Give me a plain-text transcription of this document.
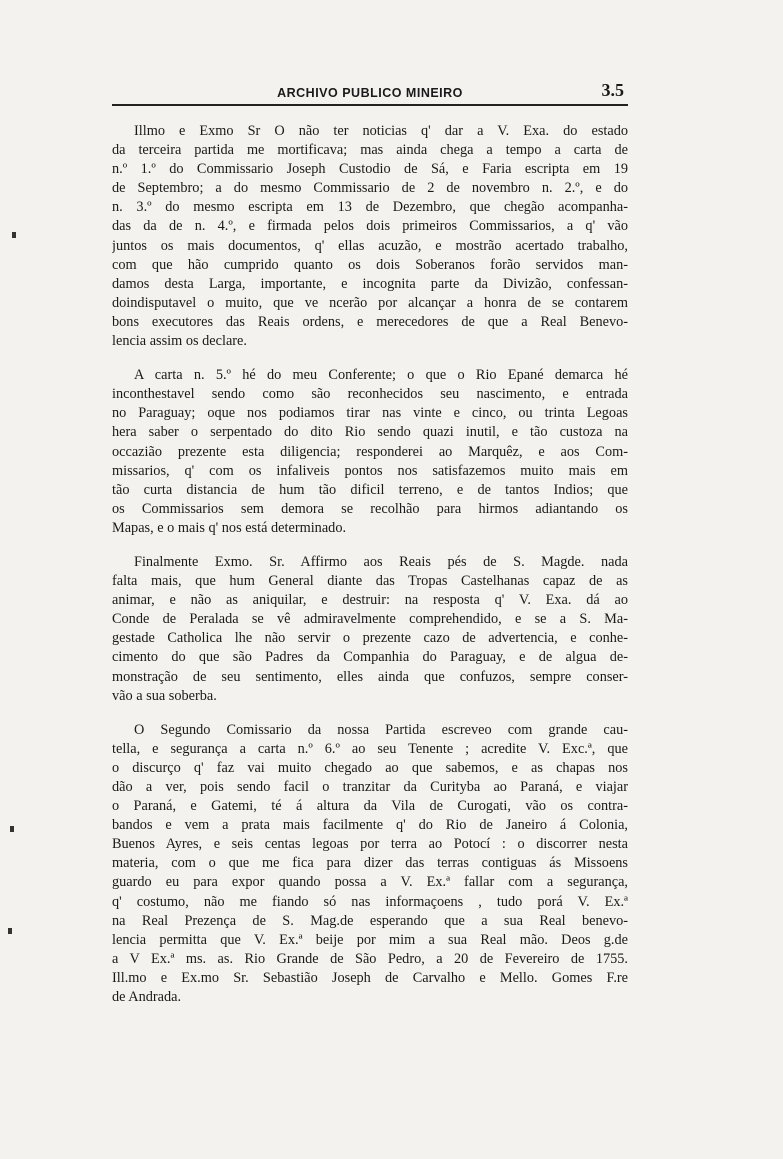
ARCHIVO PUBLICO MINEIRO	3.5
Illmo e Exmo Sr O não ter noticias q' dar a V. Exa. do estado
da terceira partida me mortificava; mas ainda chega a tempo a carta de
n.º 1.º do Commissario Joseph Custodio de Sá, e Faria escripta em 19
de Septembro; a do mesmo Commissario de 2 de novembro n. 2.º, e do
n. 3.º do mesmo escripta em 13 de Dezembro, que chegão acompanha-
das da de n. 4.º, e firmada pelos dois primeiros Commissarios, a q' vão
juntos os mais documentos, q' ellas acuzão, e mostrão acertado trabalho,
com que hão cumprido quanto os dois Soberanos forão servidos man-
damos desta Larga, importante, e incognita parte da Divizão, confessan-
doindisputavel o muito, que ve ncerão por alcançar a honra de se contarem
bons executores das Reais ordens, e merecedores de que a Real Benevo-
lencia assim os declare.
A carta n. 5.º hé do meu Conferente; o que o Rio Epané demarca hé
inconthestavel sendo como são reconhecidos seu nascimento, e entrada
no Paraguay; oque nos podiamos tirar nas vinte e cinco, ou trinta Legoas
hera saber o serpentado do dito Rio sendo quazi inutil, e tão custoza na
occazião prezente esta diligencia; responderei ao Marquêz, e aos Com-
missarios, q' com os infaliveis pontos nos satisfazemos muito mais em
tão curta distancia de hum tão dificil terreno, e de tantos Indios; que
os Commissarios sem demora se recolhão para hirmos adiantando os
Mapas, e o mais q' nos está determinado.
Finalmente Exmo. Sr. Affirmo aos Reais pés de S. Magde. nada
falta mais, que hum General diante das Tropas Castelhanas capaz de as
animar, e não as aniquilar, e destruir: na resposta q' V. Exa. dá ao
Conde de Peralada se vê admiravelmente comprehendido, e se a S. Ma-
gestade Catholica lhe não servir o prezente cazo de advertencia, e conhe-
cimento do que são Padres da Companhia do Paraguay, e de algua de-
monstração de seu sentimento, elles ainda que confuzos, sempre conser-
vão a sua soberba.
O Segundo Comissario da nossa Partida escreveo com grande cau-
tella, e segurança a carta n.º 6.º ao seu Tenente ; acredite V. Exc.ª, que
o discurço q' faz vai muito chegado ao que sabemos, e as chapas nos
dão a ver, pois sendo facil o tranzitar da Curityba ao Paraná, e viajar
o Paraná, e Gatemi, té á altura da Vila de Curogati, vão os contra-
bandos e vem a prata mais facilmente q' do Rio de Janeiro á Colonia,
Buenos Ayres, e seis centas legoas por terra ao Potocí : o discorrer nesta
materia, com o que me fica para dizer das terras contiguas ás Missoens
guardo eu para expor quando possa a V. Ex.ª fallar com a segurança,
q' costumo, não me fiando só nas informaçoens , tudo porá V. Ex.ª
na Real Prezença de S. Mag.de esperando que a sua Real benevo-
lencia permitta que V. Ex.ª beije por mim a sua Real mão. Deos g.de
a V Ex.ª ms. as. Rio Grande de São Pedro, a 20 de Fevereiro de 1755.
Ill.mo e Ex.mo Sr. Sebastião Joseph de Carvalho e Mello. Gomes F.re
de Andrada.
